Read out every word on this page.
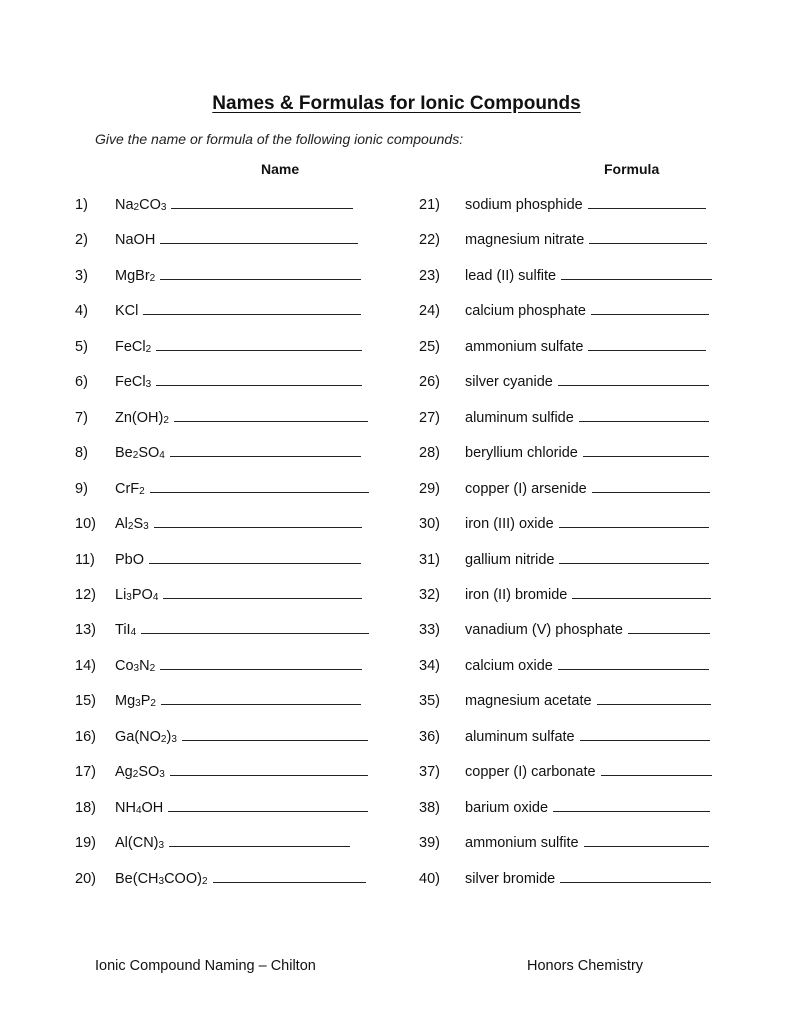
Names & Formulas for Ionic Compounds
Give the name or formula of the following ionic compounds:
Name	Formula
1)	$Na_2CO_3$
2)	NaOH
3)	MgBr$_2$
4)	KCl
5)	FeCl$_2$
6)	FeCl$_3$
7)	$Zn(OH)_2$
8)	$Be_2SO_4$
9)	CrF$_2$
10)	$Al_2S_3$
11)	PbO
12)	$Li_3PO_4$
13)	TiI$_4$
14)	$Co_3N_2$
15)	$Mg_3P_2$
16)	$Ga(NO_2)_3$
17)	$Ag_2SO_3$
18)	$NH_4OH$
19)	$Al(CN)_3$
20)	$Be(CH_3COO)_2$
21)	sodium phosphide
22)	magnesium nitrate
23)	lead (II) sulfite
24)	calcium phosphate
25)	ammonium sulfate
26)	silver cyanide
27)	aluminum sulfide
28)	beryllium chloride
29)	copper (I) arsenide
30)	iron (III) oxide
31)	gallium nitride
32)	iron (II) bromide
33)	vanadium (V) phosphate
34)	calcium oxide
35)	magnesium acetate
36)	aluminum sulfate
37)	copper (I) carbonate
38)	barium oxide
39)	ammonium sulfite
40)	silver bromide
Ionic Compound Naming – Chilton	Honors Chemistry
